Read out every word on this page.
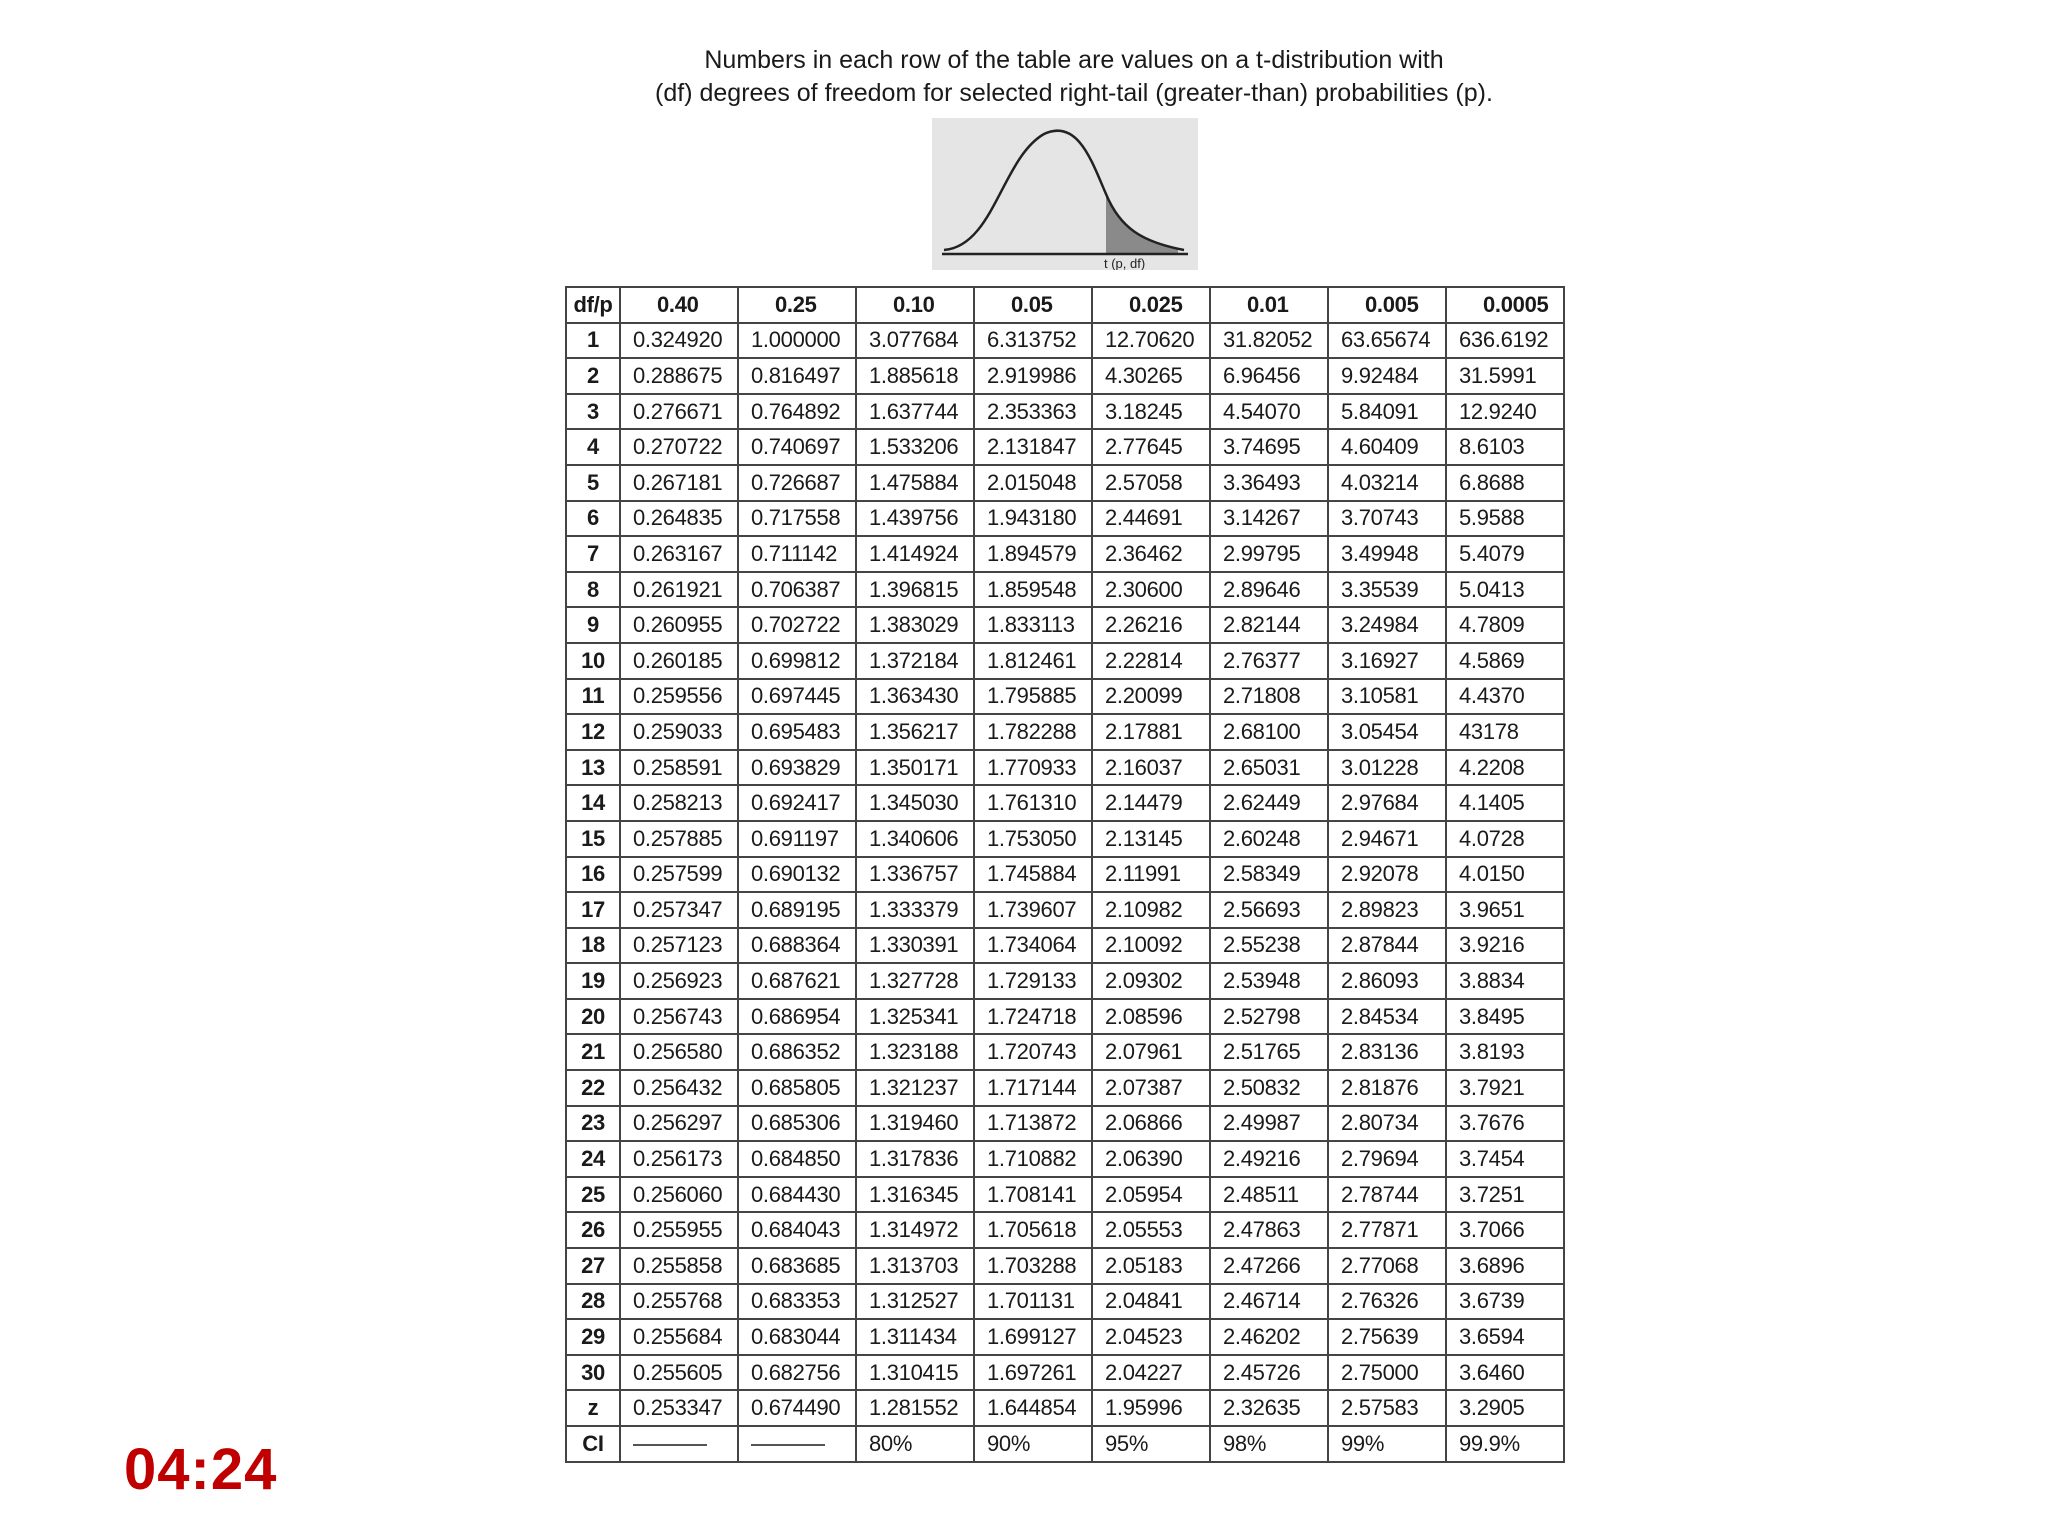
Numbers in each row of the table are values on a t-distribution with
(df) degrees of freedom for selected right-tail (greater-than) probabilities (p).
t (p, df)
df/p	0.40	0.25	0.10	0.05	0.025	0.01	0.005	0.0005
1	0.324920	1.000000	3.077684	6.313752	12.70620	31.82052	63.65674	636.6192
2	0.288675	0.816497	1.885618	2.919986	4.30265	6.96456	9.92484	31.5991
3	0.276671	0.764892	1.637744	2.353363	3.18245	4.54070	5.84091	12.9240
4	0.270722	0.740697	1.533206	2.131847	2.77645	3.74695	4.60409	8.6103
5	0.267181	0.726687	1.475884	2.015048	2.57058	3.36493	4.03214	6.8688
6	0.264835	0.717558	1.439756	1.943180	2.44691	3.14267	3.70743	5.9588
7	0.263167	0.711142	1.414924	1.894579	2.36462	2.99795	3.49948	5.4079
8	0.261921	0.706387	1.396815	1.859548	2.30600	2.89646	3.35539	5.0413
9	0.260955	0.702722	1.383029	1.833113	2.26216	2.82144	3.24984	4.7809
10	0.260185	0.699812	1.372184	1.812461	2.22814	2.76377	3.16927	4.5869
11	0.259556	0.697445	1.363430	1.795885	2.20099	2.71808	3.10581	4.4370
12	0.259033	0.695483	1.356217	1.782288	2.17881	2.68100	3.05454	43178
13	0.258591	0.693829	1.350171	1.770933	2.16037	2.65031	3.01228	4.2208
14	0.258213	0.692417	1.345030	1.761310	2.14479	2.62449	2.97684	4.1405
15	0.257885	0.691197	1.340606	1.753050	2.13145	2.60248	2.94671	4.0728
16	0.257599	0.690132	1.336757	1.745884	2.11991	2.58349	2.92078	4.0150
17	0.257347	0.689195	1.333379	1.739607	2.10982	2.56693	2.89823	3.9651
18	0.257123	0.688364	1.330391	1.734064	2.10092	2.55238	2.87844	3.9216
19	0.256923	0.687621	1.327728	1.729133	2.09302	2.53948	2.86093	3.8834
20	0.256743	0.686954	1.325341	1.724718	2.08596	2.52798	2.84534	3.8495
21	0.256580	0.686352	1.323188	1.720743	2.07961	2.51765	2.83136	3.8193
22	0.256432	0.685805	1.321237	1.717144	2.07387	2.50832	2.81876	3.7921
23	0.256297	0.685306	1.319460	1.713872	2.06866	2.49987	2.80734	3.7676
24	0.256173	0.684850	1.317836	1.710882	2.06390	2.49216	2.79694	3.7454
25	0.256060	0.684430	1.316345	1.708141	2.05954	2.48511	2.78744	3.7251
26	0.255955	0.684043	1.314972	1.705618	2.05553	2.47863	2.77871	3.7066
27	0.255858	0.683685	1.313703	1.703288	2.05183	2.47266	2.77068	3.6896
28	0.255768	0.683353	1.312527	1.701131	2.04841	2.46714	2.76326	3.6739
29	0.255684	0.683044	1.311434	1.699127	2.04523	2.46202	2.75639	3.6594
30	0.255605	0.682756	1.310415	1.697261	2.04227	2.45726	2.75000	3.6460
z	0.253347	0.674490	1.281552	1.644854	1.95996	2.32635	2.57583	3.2905
CI			80%	90%	95%	98%	99%	99.9%
04:24
